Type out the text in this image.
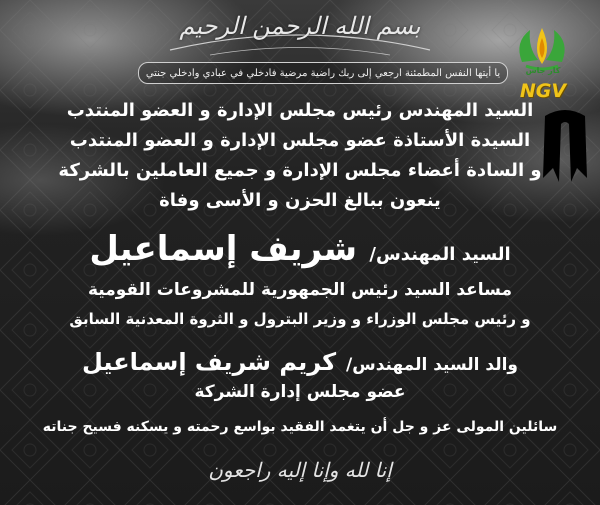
بسم الله الرحمن الرحيم
يا أيتها النفس المطمئنة ارجعي إلى ربك راضية مرضية فادخلي في عبادي وادخلي جنتي	كار جاس
NGV
السيد المهندس رئيس مجلس الإدارة و العضو المنتدب
السيدة الأستاذة عضو مجلس الإدارة و العضو المنتدب
و السادة أعضاء مجلس الإدارة و جميع العاملين بالشركة
ينعون ببالغ الحزن و الأسى وفاة
السيد المهندس/ شريف إسماعيل
مساعد السيد رئيس الجمهورية للمشروعات القومية
و رئيس مجلس الوزراء و وزير البترول و الثروة المعدنية السابق
والد السيد المهندس/ كريم شريف إسماعيل
عضو مجلس إدارة الشركة
سائلين المولى عز و جل أن يتغمد الفقيد بواسع رحمته و يسكنه فسيح جناته
إنا لله وإنا إليه راجعون
